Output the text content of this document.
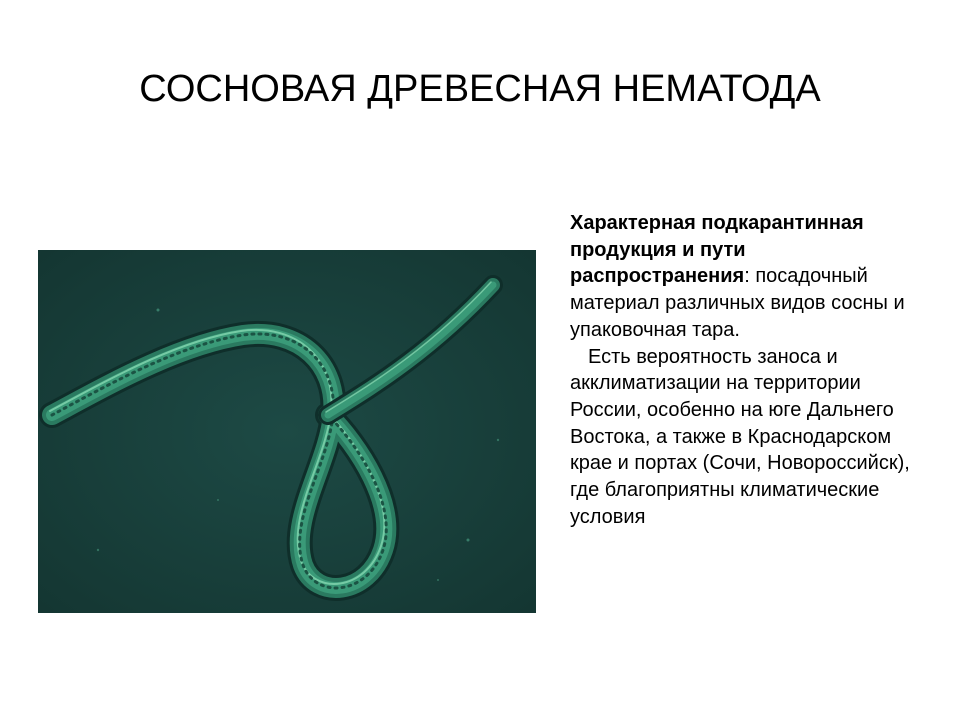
СОСНОВАЯ ДРЕВЕСНАЯ НЕМАТОДА

Характерная подкарантинная продукция и пути распространения: посадочный материал различных видов сосны и упаковочная тара.

Есть вероятность заноса и акклиматизации на территории России, особенно на юге Дальнего Востока, а также в Краснодарском крае и портах (Сочи, Новороссийск), где благоприятны климатические условия
